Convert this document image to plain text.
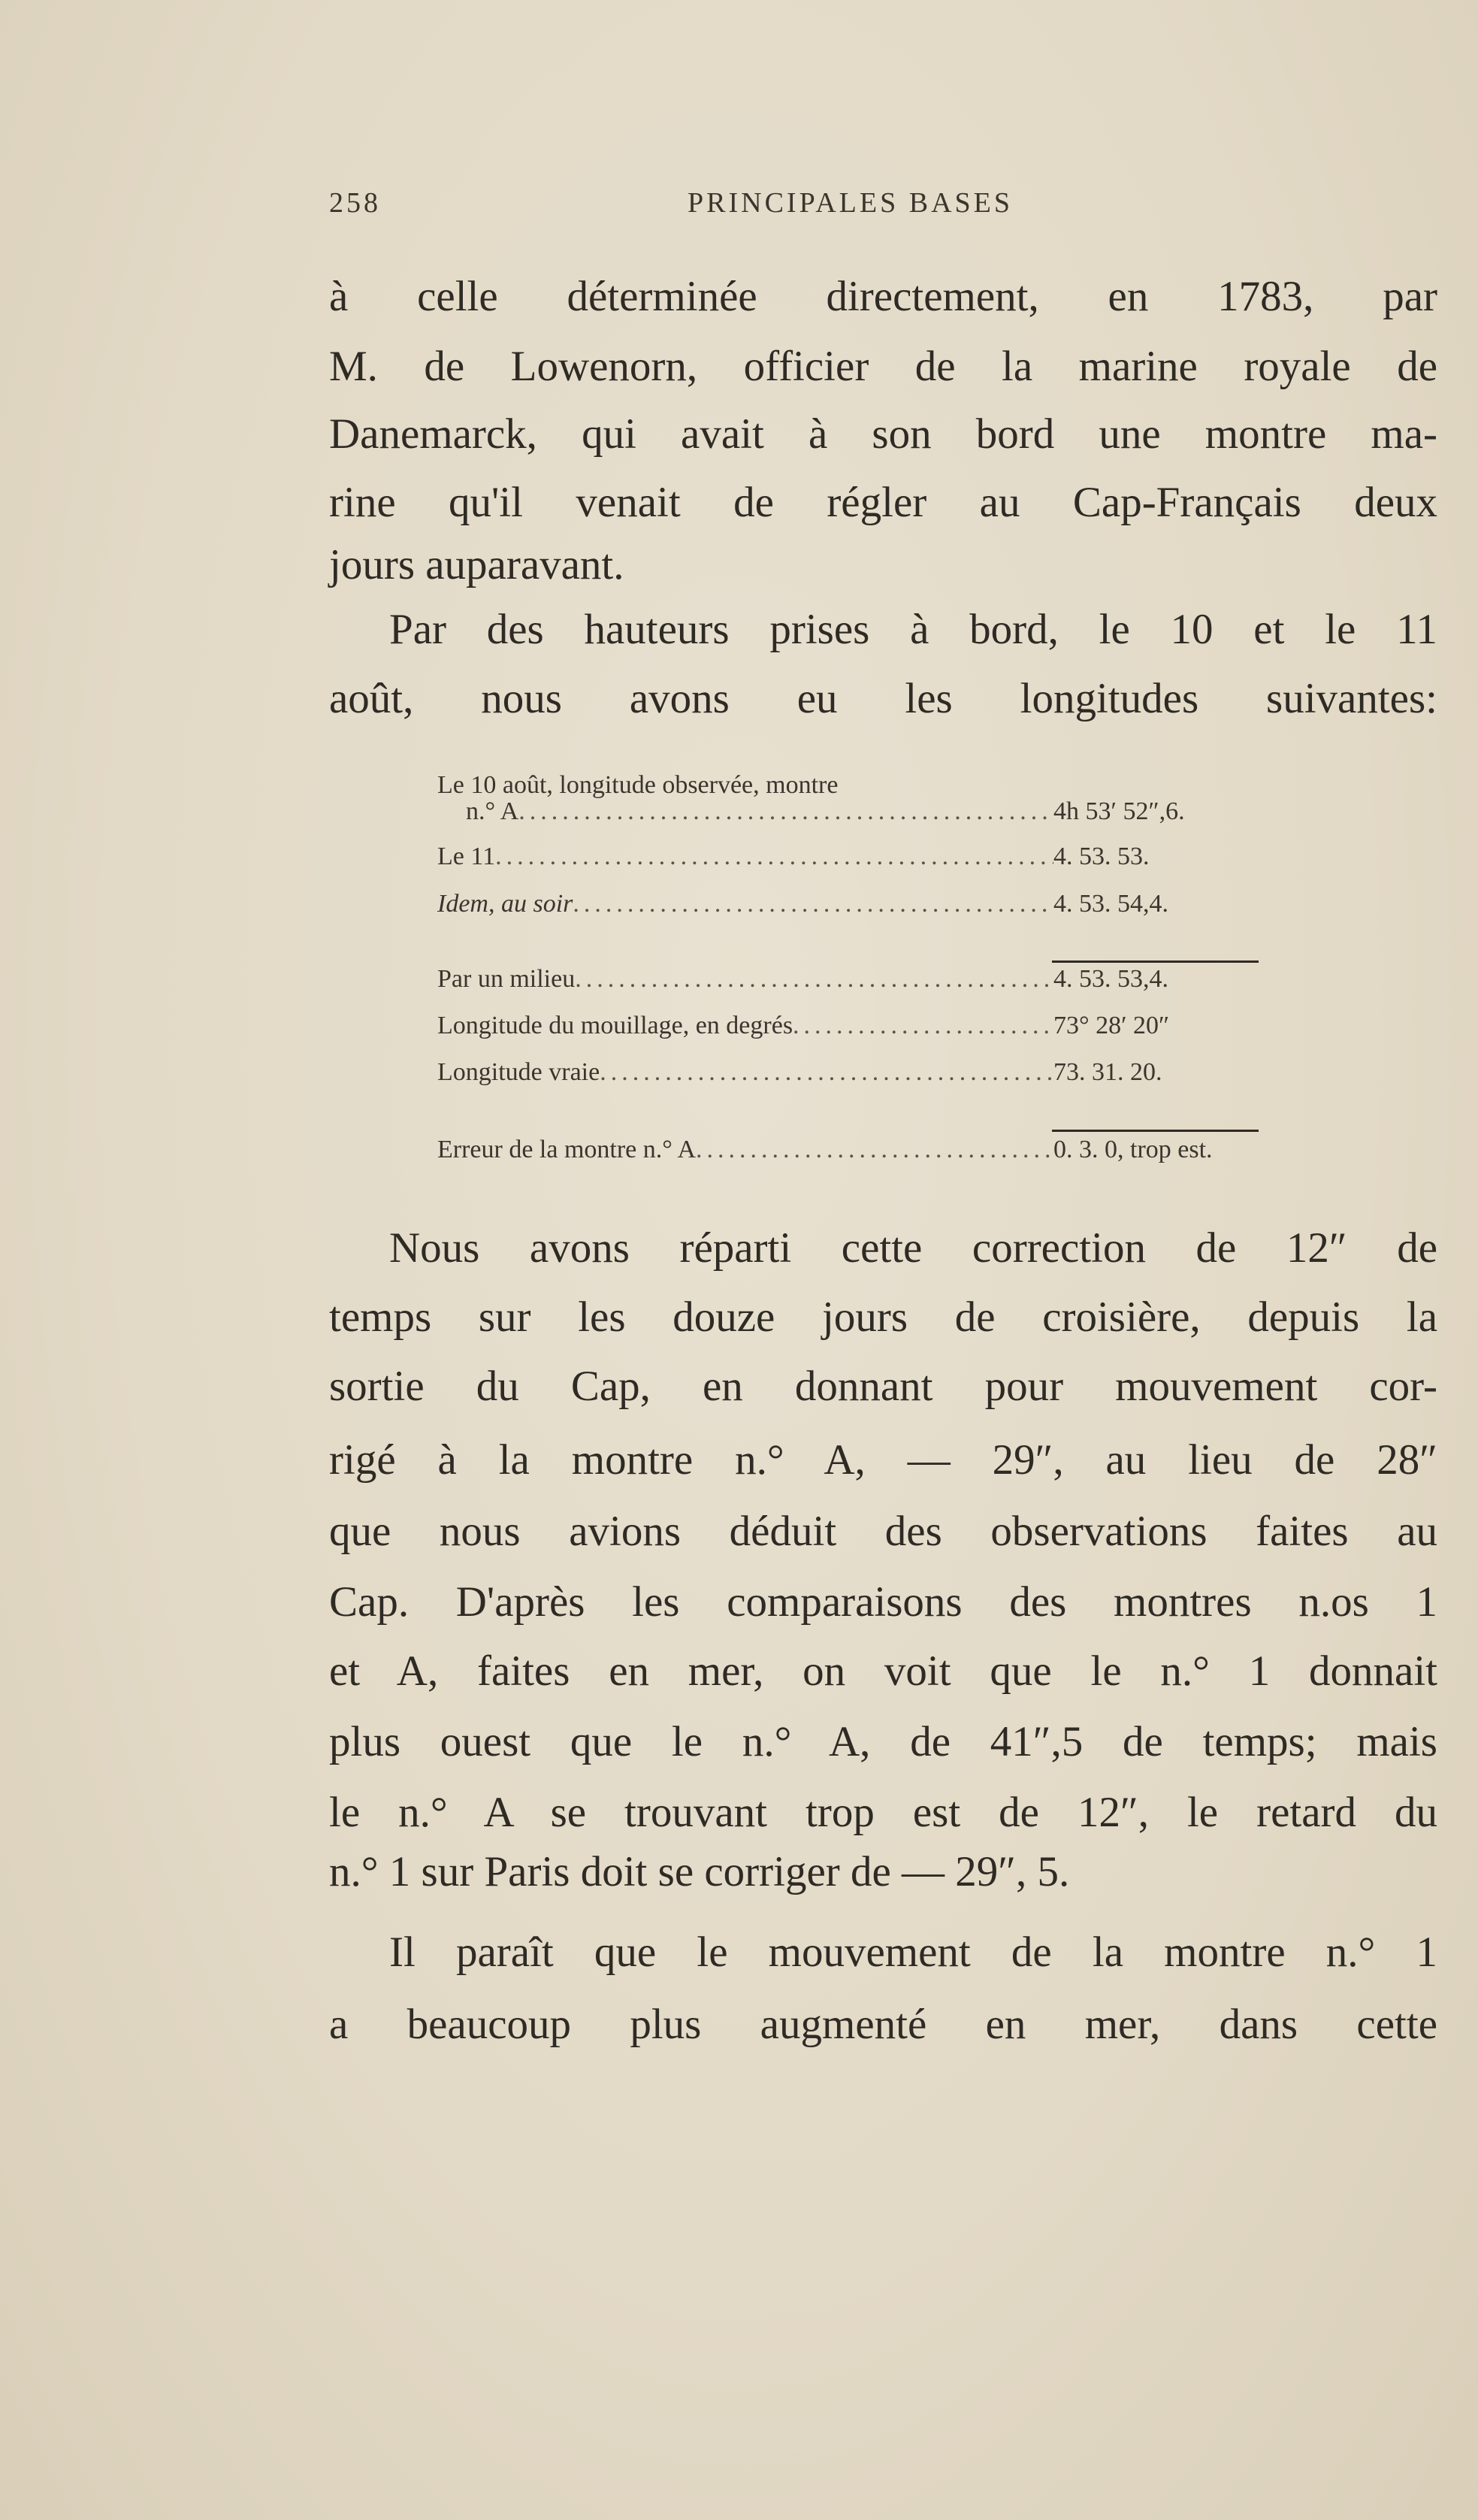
258	PRINCIPALES BASES
à celle déterminée directement, en 1783, par
M. de Lowenorn, officier de la marine royale de
Danemarck, qui avait à son bord une montre ma-
rine qu'il venait de régler au Cap-Français deux
jours auparavant.
Par des hauteurs prises à bord, le 10 et le 11
août, nous avons eu les longitudes suivantes:
Nous avons réparti cette correction de 12″ de
temps sur les douze jours de croisière, depuis la
sortie du Cap, en donnant pour mouvement cor-
rigé à la montre n.° A, — 29″, au lieu de 28″
que nous avions déduit des observations faites au
Cap. D'après les comparaisons des montres n.os 1
et A, faites en mer, on voit que le n.° 1 donnait
plus ouest que le n.° A, de 41″,5 de temps; mais
le n.° A se trouvant trop est de 12″, le retard du
n.° 1 sur Paris doit se corriger de — 29″, 5.
Il paraît que le mouvement de la montre n.° 1
a beaucoup plus augmenté en mer, dans cette
Le 10 août, longitude observée, montre
n.° A .....	4h 53′ 52″,6.
Le 11 .....	4. 53. 53.
Idem, au soir .....	4. 53. 54,4.
Par un milieu .....	4. 53. 53,4.
Longitude du mouillage, en degrés .....	73° 28′ 20″
Longitude vraie .....	73. 31. 20.
Erreur de la montre n.° A .....	0. 3. 0, trop est.
